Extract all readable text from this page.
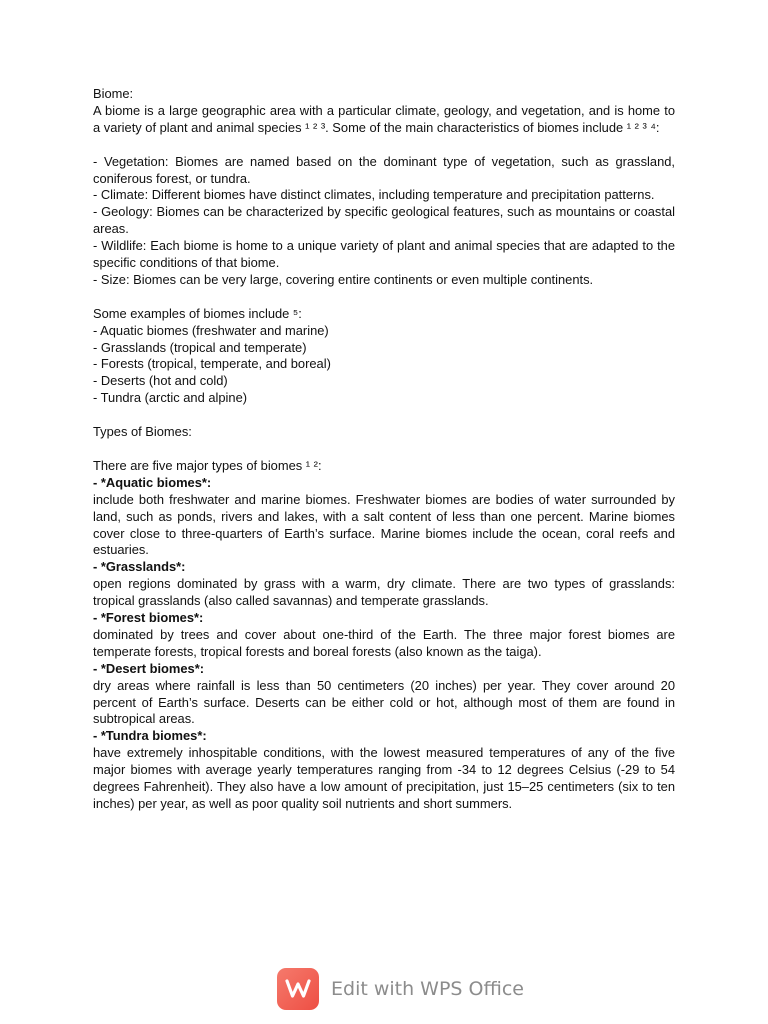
Biome:

A biome is a large geographic area with a particular climate, geology, and vegetation, and is home to a variety of plant and animal species ¹ ² ³. Some of the main characteristics of biomes include ¹ ² ³ ⁴:

- Vegetation: Biomes are named based on the dominant type of vegetation, such as grassland, coniferous forest, or tundra.

- Climate: Different biomes have distinct climates, including temperature and precipitation patterns.

- Geology: Biomes can be characterized by specific geological features, such as mountains or coastal areas.

- Wildlife: Each biome is home to a unique variety of plant and animal species that are adapted to the specific conditions of that biome.

- Size: Biomes can be very large, covering entire continents or even multiple continents.

Some examples of biomes include ⁵:

- Aquatic biomes (freshwater and marine)

- Grasslands (tropical and temperate)

- Forests (tropical, temperate, and boreal)

- Deserts (hot and cold)

- Tundra (arctic and alpine)

Types of Biomes:

There are five major types of biomes ¹ ²:

- *Aquatic biomes*:

include both freshwater and marine biomes. Freshwater biomes are bodies of water surrounded by land, such as ponds, rivers and lakes, with a salt content of less than one percent. Marine biomes cover close to three-quarters of Earth’s surface. Marine biomes include the ocean, coral reefs and estuaries.

- *Grasslands*:

open regions dominated by grass with a warm, dry climate. There are two types of grasslands: tropical grasslands (also called savannas) and temperate grasslands.

- *Forest biomes*:

dominated by trees and cover about one-third of the Earth. The three major forest biomes are temperate forests, tropical forests and boreal forests (also known as the taiga).

- *Desert biomes*:

dry areas where rainfall is less than 50 centimeters (20 inches) per year. They cover around 20 percent of Earth’s surface. Deserts can be either cold or hot, although most of them are found in subtropical areas.

- *Tundra biomes*:

have extremely inhospitable conditions, with the lowest measured temperatures of any of the five major biomes with average yearly temperatures ranging from -34 to 12 degrees Celsius (-29 to 54 degrees Fahrenheit). They also have a low amount of precipitation, just 15–25 centimeters (six to ten inches) per year, as well as poor quality soil nutrients and short summers.

Edit with WPS Office
